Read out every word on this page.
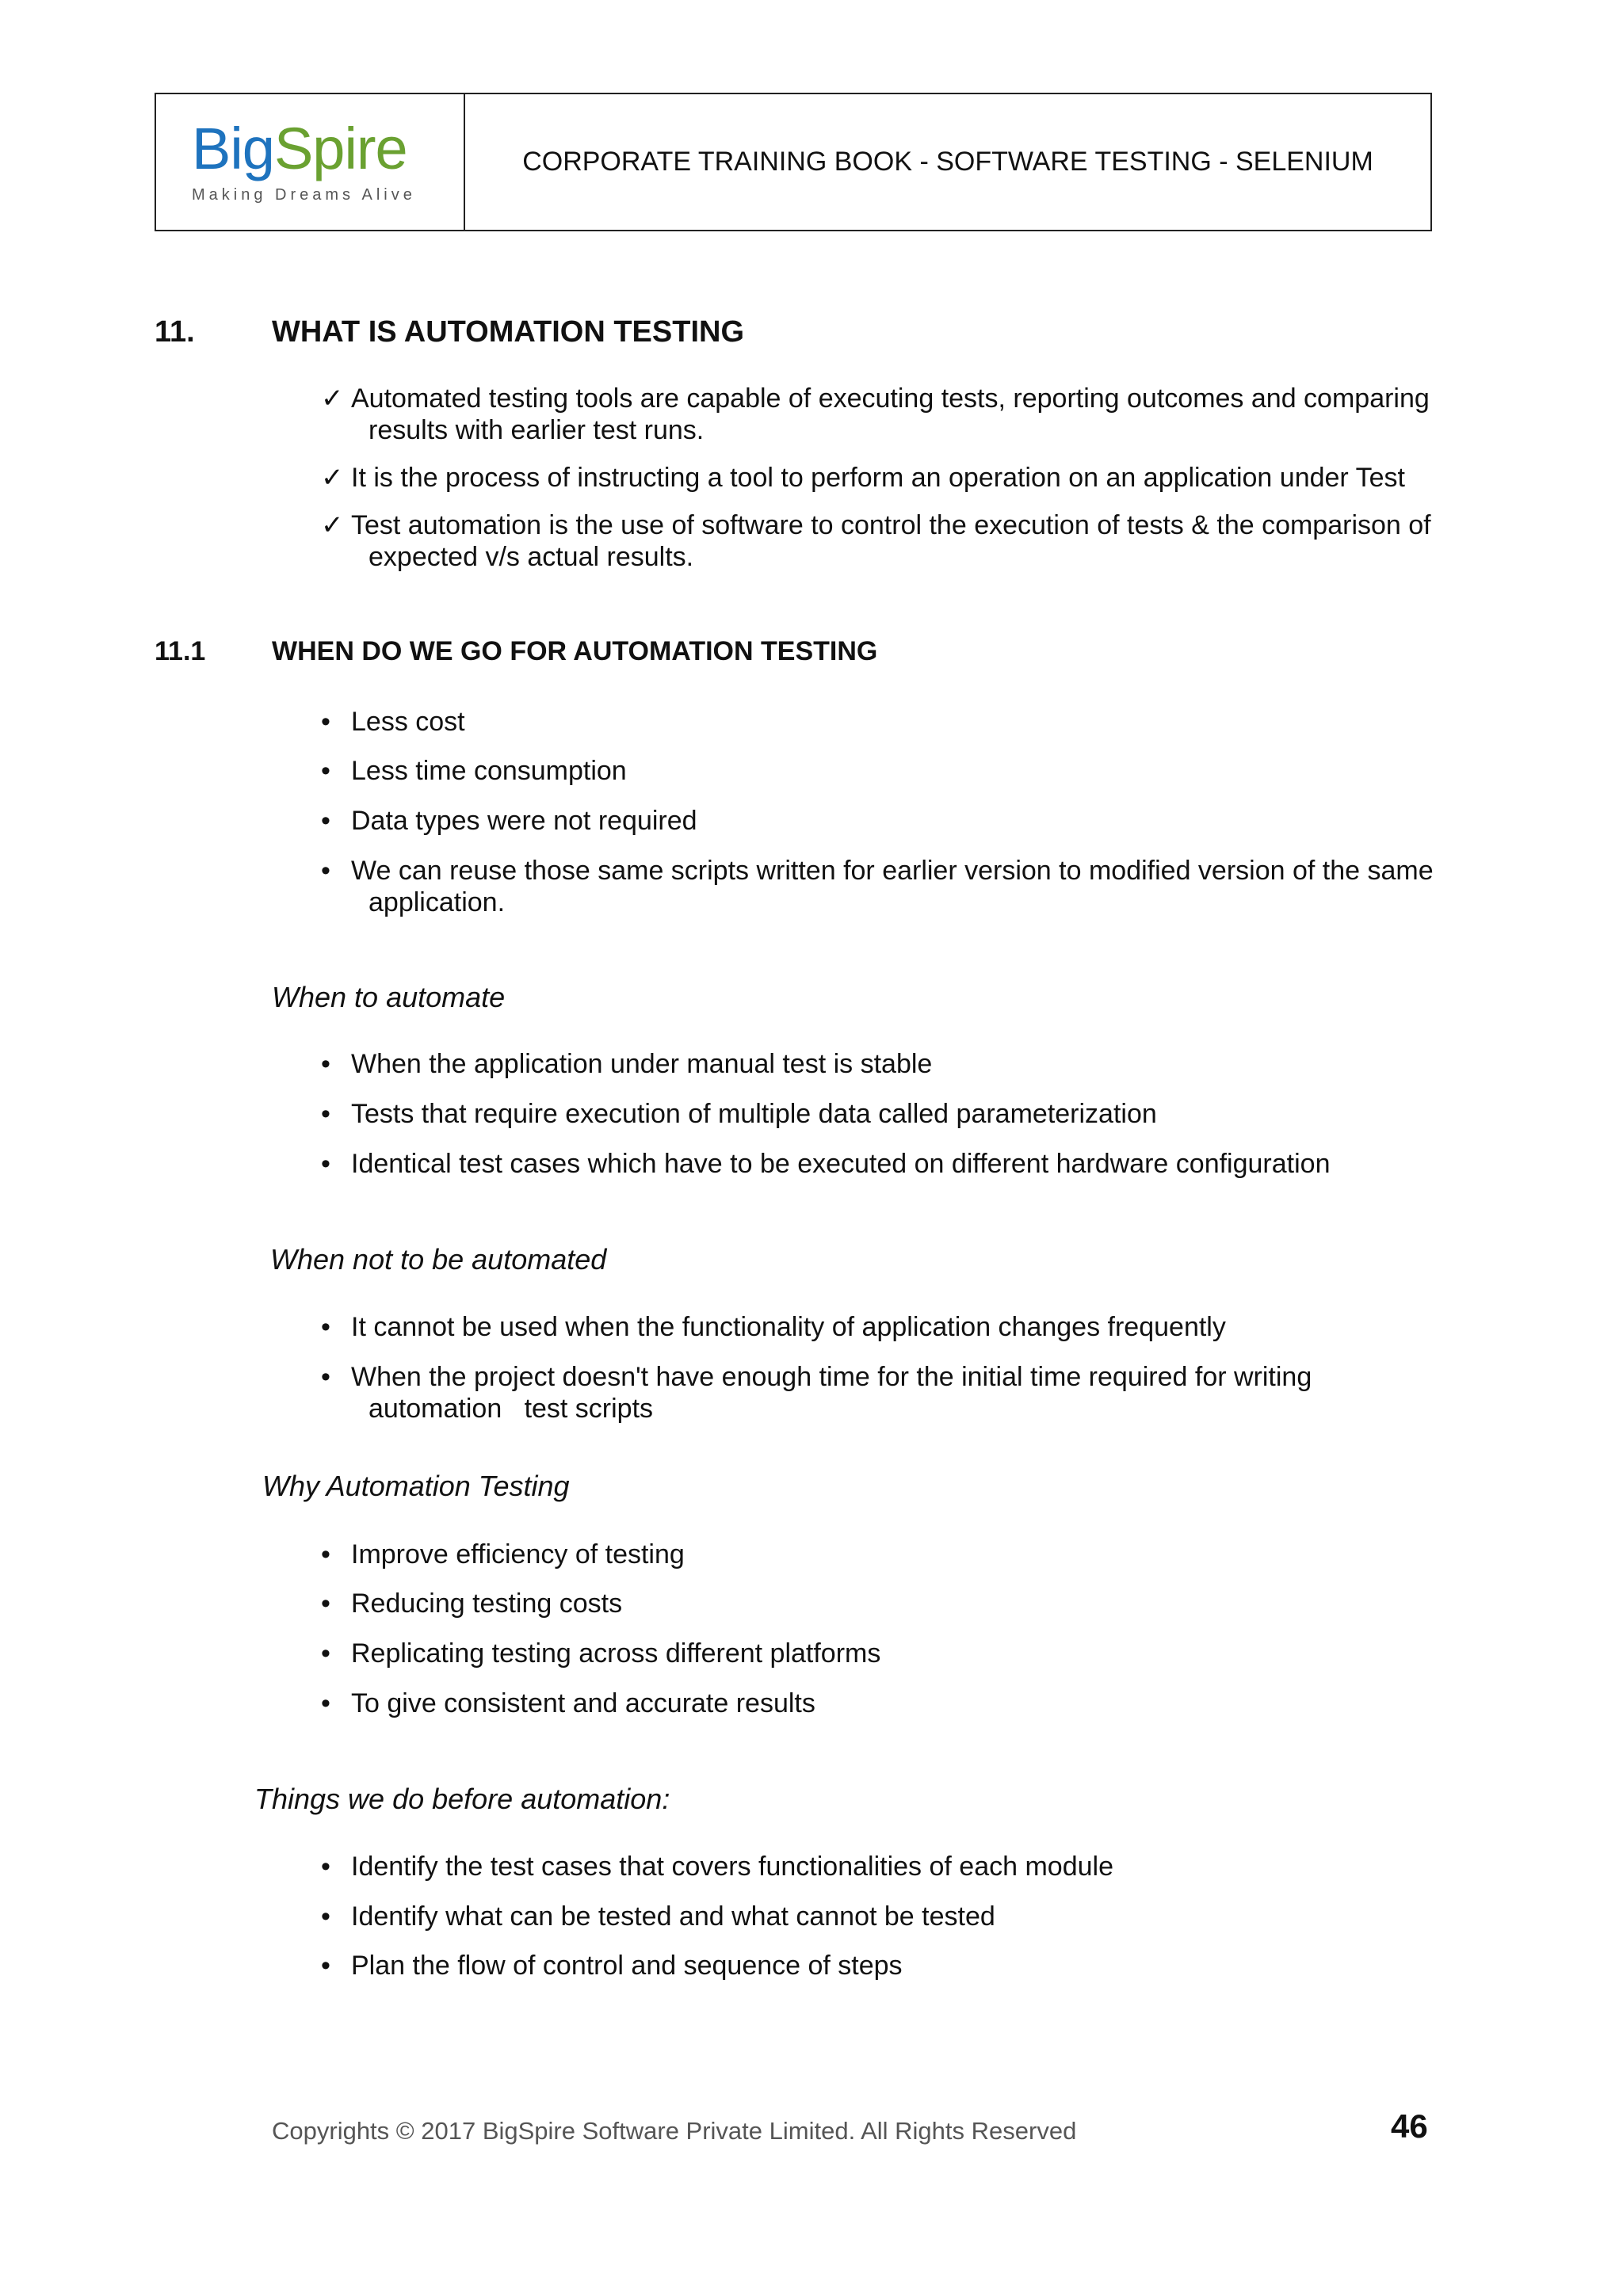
BigSpire
Making Dreams Alive
CORPORATE TRAINING BOOK - SOFTWARE TESTING - SELENIUM
11.	WHAT IS AUTOMATION TESTING
✓ Automated testing tools are capable of executing tests, reporting outcomes and comparing
results with earlier test runs.
✓ It is the process of instructing a tool to perform an operation on an application under Test
✓ Test automation is the use of software to control the execution of tests & the comparison of
expected v/s actual results.
11.1 WHEN DO WE GO FOR AUTOMATION TESTING
• Less cost
• Less time consumption
• Data types were not required
• We can reuse those same scripts written for earlier version to modified version of the same
application.
When to automate
• When the application under manual test is stable
• Tests that require execution of multiple data called parameterization
• Identical test cases which have to be executed on different hardware configuration
When not to be automated
• It cannot be used when the functionality of application changes frequently
• When the project doesn't have enough time for the initial time required for writing
automation   test scripts
Why Automation Testing
• Improve efficiency of testing
• Reducing testing costs
• Replicating testing across different platforms
• To give consistent and accurate results
Things we do before automation:
• Identify the test cases that covers functionalities of each module
• Identify what can be tested and what cannot be tested
• Plan the flow of control and sequence of steps
Copyrights © 2017 BigSpire Software Private Limited. All Rights Reserved	46
